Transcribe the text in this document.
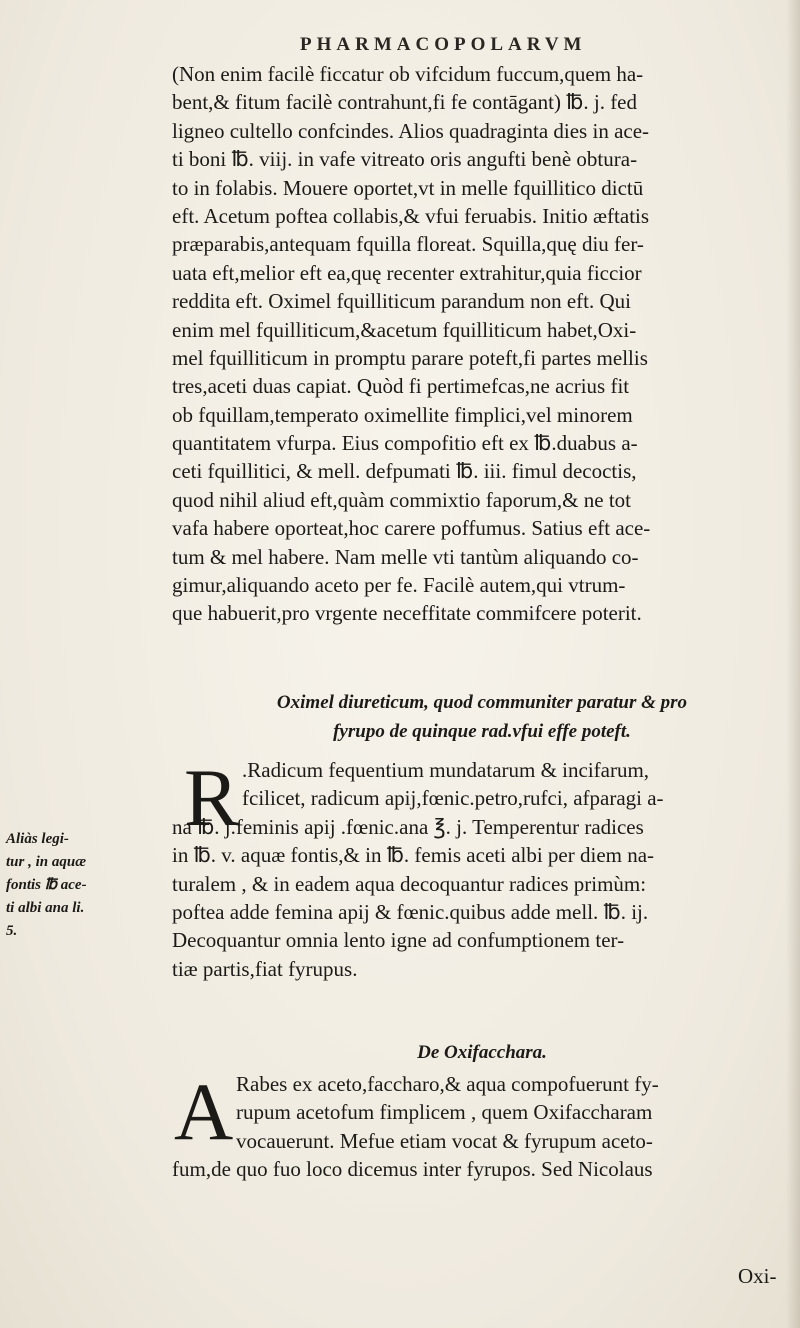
PHARMACOPOLARVM
(Non enim facilè ficcatur ob vifcidum fuccum,quem ha-
bent,& fitum facilè contrahunt,fi fe contāgant) ℔. j. fed
ligneo cultello confcindes. Alios quadraginta dies in ace-
ti boni ℔. viij. in vafe vitreato oris angufti benè obtura-
to in folabis. Mouere oportet,vt in melle fquillitico dictū
eft. Acetum poftea collabis,& vfui feruabis. Initio æftatis
præparabis,antequam fquilla floreat. Squilla,quę diu fer-
uata eft,melior eft ea,quę recenter extrahitur,quia ficcior
reddita eft. Oximel fquilliticum parandum non eft. Qui
enim mel fquilliticum,&acetum fquilliticum habet,Oxi-
mel fquilliticum in promptu parare poteft,fi partes mellis
tres,aceti duas capiat. Quòd fi pertimefcas,ne acrius fit
ob fquillam,temperato oximellite fimplici,vel minorem
quantitatem vfurpa. Eius compofitio eft ex ℔.duabus a-
ceti fquillitici, & mell. defpumati ℔. iii. fimul decoctis,
quod nihil aliud eft,quàm commixtio faporum,& ne tot
vafa habere oporteat,hoc carere poffumus. Satius eft ace-
tum & mel habere. Nam melle vti tantùm aliquando co-
gimur,aliquando aceto per fe. Facilè autem,qui vtrum-
que habuerit,pro vrgente neceffitate commifcere poterit.
Oximel diureticum, quod communiter paratur & pro
fyrupo de quinque rad.vfui effe poteft.
R .Radicum fequentium mundatarum & incifarum,
fcilicet, radicum apij,fœnic.petro,rufci, afparagi a-
na ℔. j.feminis apij .fœnic.ana ℥. j. Temperentur radices
in ℔. v. aquæ fontis,& in ℔. femis aceti albi per diem na-
turalem , & in eadem aqua decoquantur radices primùm:
poftea adde femina apij & fœnic.quibus adde mell. ℔. ij.
Decoquantur omnia lento igne ad confumptionem ter-
tiæ partis,fiat fyrupus.
Aliàs legi-
tur , in aquæ
fontis ℔ ace-
ti albi ana li.
5.
De Oxifacchara.
A Rabes ex aceto,faccharo,& aqua compofuerunt fy-
rupum acetofum fimplicem , quem Oxifaccharam
vocauerunt. Mefue etiam vocat & fyrupum aceto-
fum,de quo fuo loco dicemus inter fyrupos. Sed Nicolaus
Oxi-
